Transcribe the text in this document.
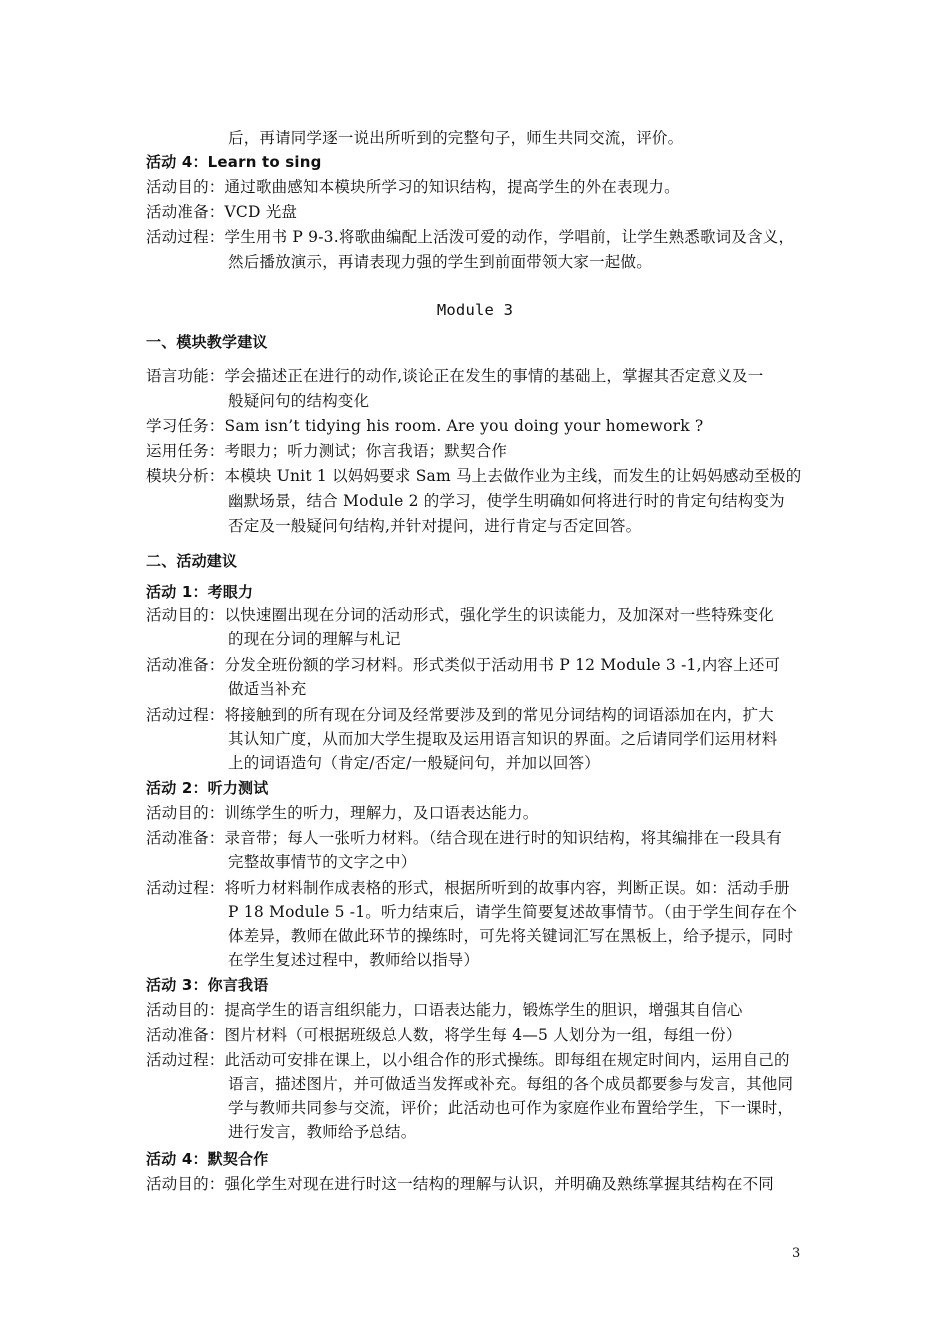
后，再请同学逐一说出所听到的完整句子，师生共同交流，评价。
活动 4：Learn to sing
活动目的：通过歌曲感知本模块所学习的知识结构，提高学生的外在表现力。
活动准备：VCD 光盘
活动过程：学生用书 P 9-3.将歌曲编配上活泼可爱的动作，学唱前，让学生熟悉歌词及含义，
然后播放演示，再请表现力强的学生到前面带领大家一起做。
Module 3
一、模块教学建议
语言功能：学会描述正在进行的动作,谈论正在发生的事情的基础上，掌握其否定意义及一
般疑问句的结构变化
学习任务：Sam isn’t tidying his room. Are you doing your homework ?
运用任务：考眼力；听力测试；你言我语；默契合作
模块分析：本模块 Unit 1 以妈妈要求 Sam 马上去做作业为主线，而发生的让妈妈感动至极的
幽默场景，结合 Module 2 的学习，使学生明确如何将进行时的肯定句结构变为
否定及一般疑问句结构,并针对提问，进行肯定与否定回答。
二、活动建议
活动 1：考眼力
活动目的：以快速圈出现在分词的活动形式，强化学生的识读能力，及加深对一些特殊变化
的现在分词的理解与札记
活动准备：分发全班份额的学习材料。形式类似于活动用书 P 12 Module 3 -1,内容上还可
做适当补充
活动过程：将接触到的所有现在分词及经常要涉及到的常见分词结构的词语添加在内，扩大
其认知广度，从而加大学生提取及运用语言知识的界面。之后请同学们运用材料
上的词语造句（肯定/否定/一般疑问句，并加以回答）
活动 2：听力测试
活动目的：训练学生的听力，理解力，及口语表达能力。
活动准备：录音带；每人一张听力材料。（结合现在进行时的知识结构，将其编排在一段具有
完整故事情节的文字之中）
活动过程：将听力材料制作成表格的形式，根据所听到的故事内容，判断正误。如：活动手册
P 18 Module 5 -1。听力结束后，请学生简要复述故事情节。（由于学生间存在个
体差异，教师在做此环节的操练时，可先将关键词汇写在黑板上，给予提示，同时
在学生复述过程中，教师给以指导）
活动 3：你言我语
活动目的：提高学生的语言组织能力，口语表达能力，锻炼学生的胆识，增强其自信心
活动准备：图片材料（可根据班级总人数，将学生每 4—5 人划分为一组，每组一份）
活动过程：此活动可安排在课上，以小组合作的形式操练。即每组在规定时间内，运用自己的
语言，描述图片，并可做适当发挥或补充。每组的各个成员都要参与发言，其他同
学与教师共同参与交流，评价；此活动也可作为家庭作业布置给学生，下一课时，
进行发言，教师给予总结。
活动 4：默契合作
活动目的：强化学生对现在进行时这一结构的理解与认识，并明确及熟练掌握其结构在不同
3
